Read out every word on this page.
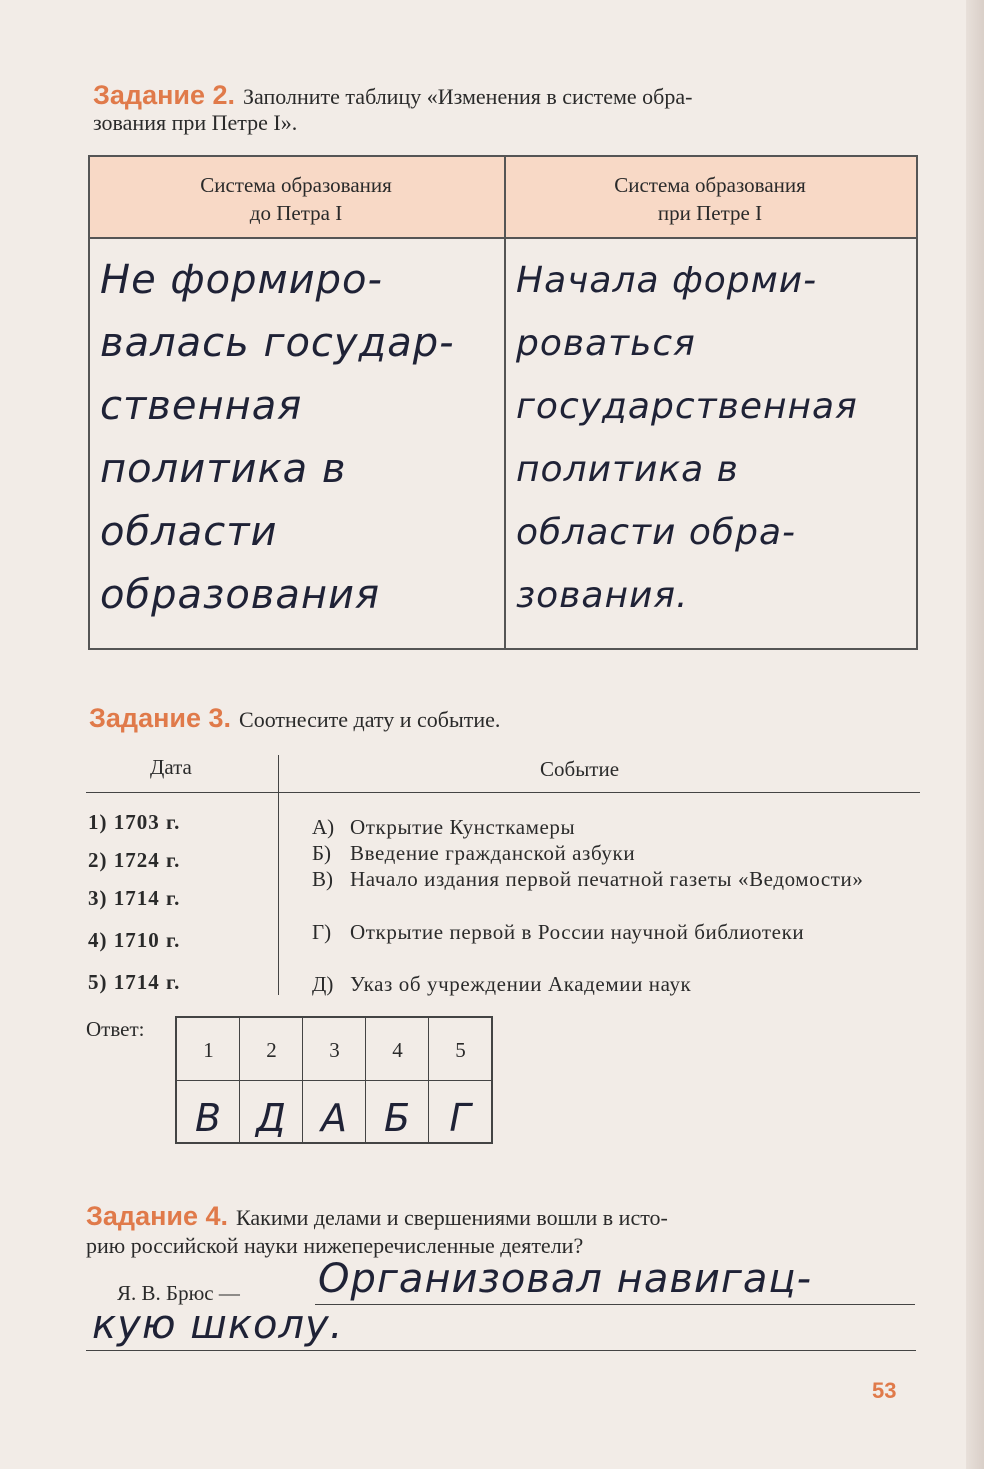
Задание 2. Заполните таблицу «Изменения в системе обра-
зования при Петре I».
Система образования
до Петра I
Система образования
при Петре I
Не формиро-
валась государ-
ственная
политика в
области
образования
Начала форми-
роваться
государственная
политика в
области обра-
зования.
Задание 3. Соотнесите дату и событие.
Дата	Событие
1) 1703 г.
2) 1724 г.
3) 1714 г.
4) 1710 г.
5) 1714 г.
А) Открытие Кунсткамеры
Б) Введение гражданской азбуки
В) Начало издания первой печатной газеты «Ведомости»
Г) Открытие первой в России научной библиотеки
Д) Указ об учреждении Академии наук
Ответ:
1
В
2
Д
3
А
4
Б
5
Г
Задание 4. Какими делами и свершениями вошли в исто-
рию российской науки нижеперечисленные деятели?
Я. В. Брюс — Организовал навигац-
кую школу.
53
